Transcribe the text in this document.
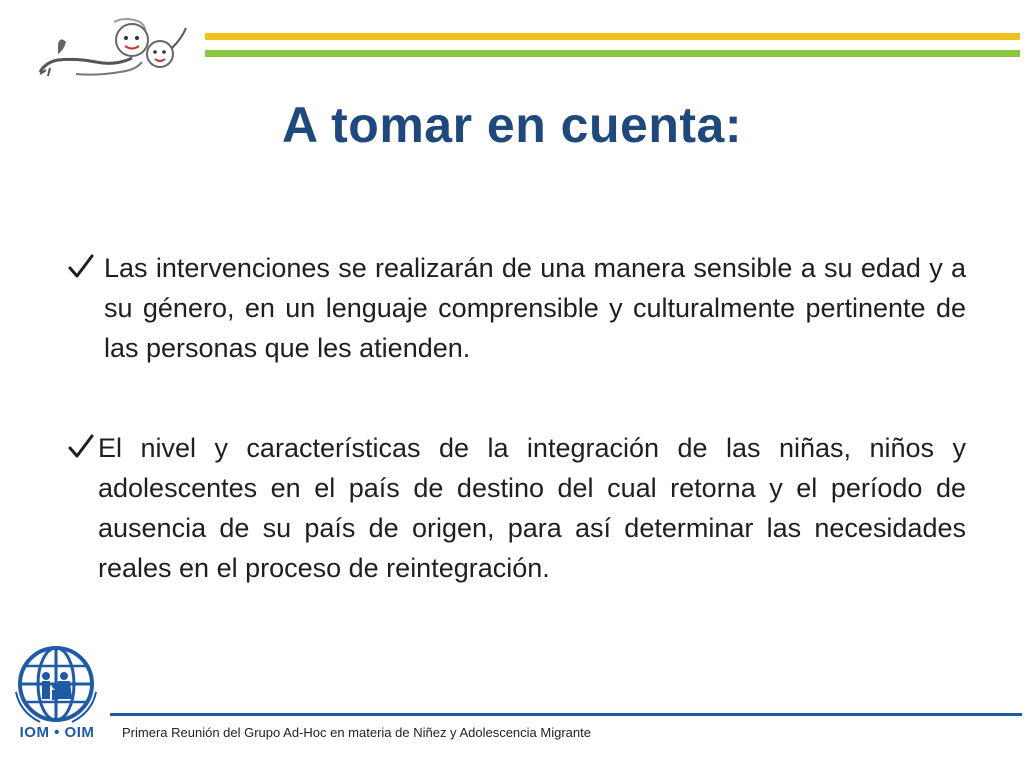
A tomar en cuenta:
Las intervenciones se realizarán de una manera sensible a su edad y a su género, en un lenguaje comprensible y culturalmente pertinente de las personas que les atienden.
El nivel y características de la integración de las niñas, niños y adolescentes en el país de destino del cual retorna y el período de ausencia de su país de origen, para así determinar las necesidades reales en el proceso de reintegración.
IOM • OIM	Primera Reunión del Grupo Ad-Hoc en materia de Niñez y Adolescencia Migrante
